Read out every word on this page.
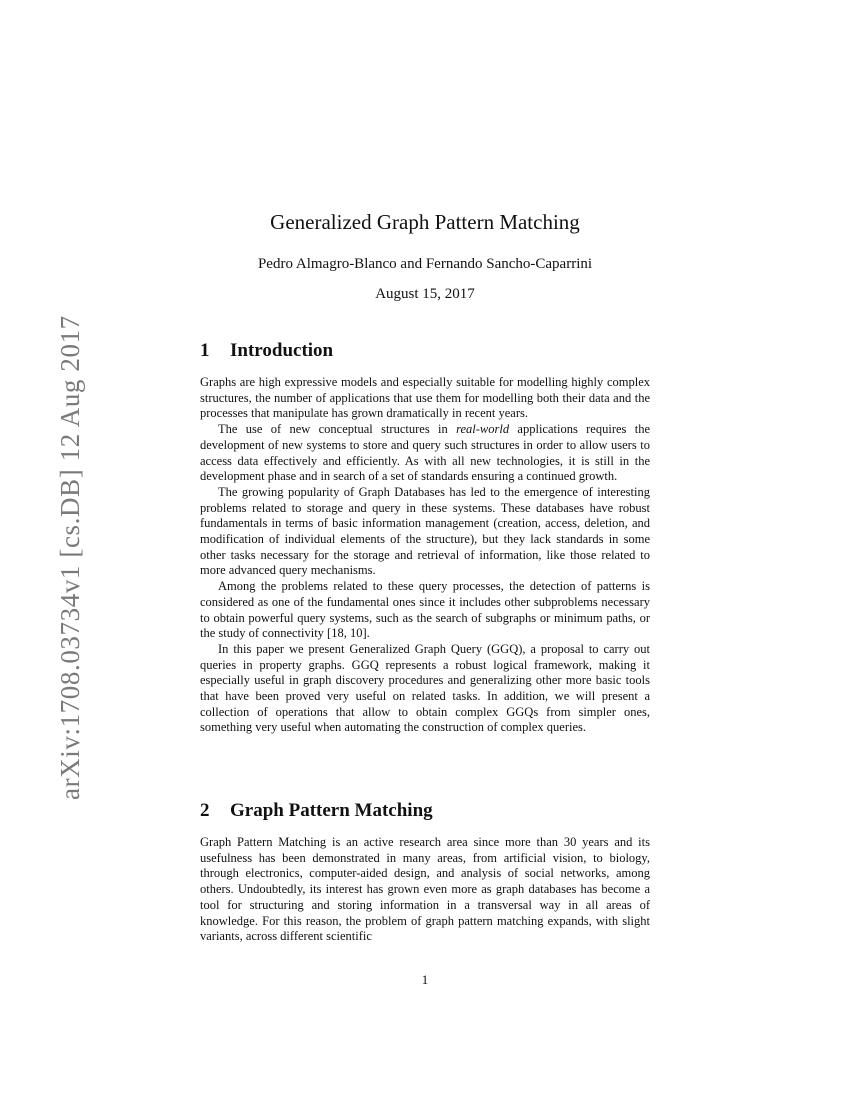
arXiv:1708.03734v1 [cs.DB] 12 Aug 2017
Generalized Graph Pattern Matching
Pedro Almagro-Blanco and Fernando Sancho-Caparrini
August 15, 2017
1 Introduction

Graphs are high expressive models and especially suitable for modelling highly complex structures, the number of applications that use them for modelling both their data and the processes that manipulate has grown dramatically in recent years.

The use of new conceptual structures in real-world applications requires the development of new systems to store and query such structures in order to allow users to access data effectively and efficiently. As with all new technologies, it is still in the development phase and in search of a set of standards ensuring a continued growth.

The growing popularity of Graph Databases has led to the emergence of interesting problems related to storage and query in these systems. These databases have robust fundamentals in terms of basic information management (creation, access, deletion, and modification of individual elements of the structure), but they lack standards in some other tasks necessary for the storage and retrieval of information, like those related to more advanced query mechanisms.

Among the problems related to these query processes, the detection of patterns is considered as one of the fundamental ones since it includes other subproblems necessary to obtain powerful query systems, such as the search of subgraphs or minimum paths, or the study of connectivity [18, 10].

In this paper we present Generalized Graph Query (GGQ), a proposal to carry out queries in property graphs. GGQ represents a robust logical framework, making it especially useful in graph discovery procedures and generalizing other more basic tools that have been proved very useful on related tasks. In addition, we will present a collection of operations that allow to obtain complex GGQs from simpler ones, something very useful when automating the construction of complex queries.

2 Graph Pattern Matching

Graph Pattern Matching is an active research area since more than 30 years and its usefulness has been demonstrated in many areas, from artificial vision, to biology, through electronics, computer-aided design, and analysis of social networks, among others. Undoubtedly, its interest has grown even more as graph databases has become a tool for structuring and storing information in a transversal way in all areas of knowledge. For this reason, the problem of graph pattern matching expands, with slight variants, across different scientific

1
